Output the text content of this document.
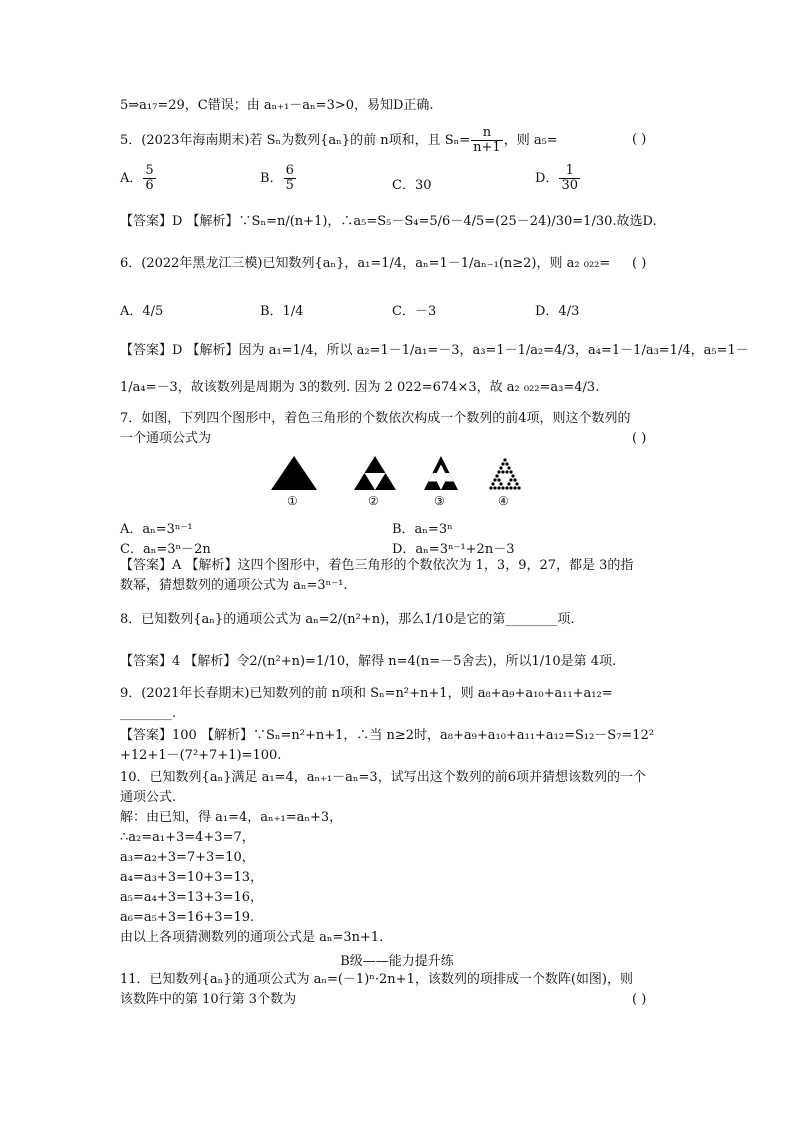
5⇒a₁₇=29，C错误；由 aₙ₊₁－aₙ=3>0，易知D正确.
5．(2023年海南期末)若 Sₙ为数列{aₙ}的前 n项和，且 $S_n= \frac{n}{n+1}$ ，则 a₅=	( )
A． $\frac{5}{6}$	B． $\frac{6}{5}$	C．30	D． $\frac{1}{30}$
【答案】D 【解析】∵Sₙ=n/(n+1)，∴a₅=S₅－S₄=5/6－4/5=(25－24)/30=1/30.故选D.
6．(2022年黑龙江三模)已知数列{aₙ}，a₁=1/4，aₙ=1－1/aₙ₋₁(n≥2)，则 a₂ ₀₂₂= ( )
A．4/5	B．1/4	C．－3	D．4/3
【答案】D 【解析】因为 a₁=1/4，所以 a₂=1－1/a₁=－3，a₃=1－1/a₂=4/3，a₄=1－1/a₃=1/4，a₅=1－
1/a₄=－3，故该数列是周期为 3的数列. 因为 2 022=674×3，故 a₂ ₀₂₂=a₃=4/3.
7．如图，下列四个图形中，着色三角形的个数依次构成一个数列的前4项，则这个数列的
一个通项公式为	( )
①	②	③	④
A．aₙ=3ⁿ⁻¹	B．aₙ=3ⁿ
C．aₙ=3ⁿ－2n	D．aₙ=3ⁿ⁻¹+2n－3
【答案】A 【解析】这四个图形中，着色三角形的个数依次为 1，3，9，27，都是 3的指
数幂，猜想数列的通项公式为 aₙ=3ⁿ⁻¹.
8．已知数列{aₙ}的通项公式为 aₙ=2/(n²+n)，那么1/10是它的第________项.
【答案】4 【解析】令2/(n²+n)=1/10，解得 n=4(n=－5舍去)，所以1/10是第 4项.
9．(2021年长春期末)已知数列的前 n项和 Sₙ=n²+n+1，则 a₈+a₉+a₁₀+a₁₁+a₁₂=
________.
【答案】100 【解析】∵Sₙ=n²+n+1，∴当 n≥2时，a₈+a₉+a₁₀+a₁₁+a₁₂=S₁₂－S₇=12²
+12+1－(7²+7+1)=100.
10．已知数列{aₙ}满足 a₁=4，aₙ₊₁－aₙ=3，试写出这个数列的前6项并猜想该数列的一个
通项公式.
解：由已知，得 a₁=4，aₙ₊₁=aₙ+3，
∴a₂=a₁+3=4+3=7，
a₃=a₂+3=7+3=10，
a₄=a₃+3=10+3=13，
a₅=a₄+3=13+3=16，
a₆=a₅+3=16+3=19.
由以上各项猜测数列的通项公式是 aₙ=3n+1.
B级——能力提升练
11．已知数列{aₙ}的通项公式为 aₙ=(－1)ⁿ·2n+1，该数列的项排成一个数阵(如图)，则
该数阵中的第 10行第 3个数为	( )
